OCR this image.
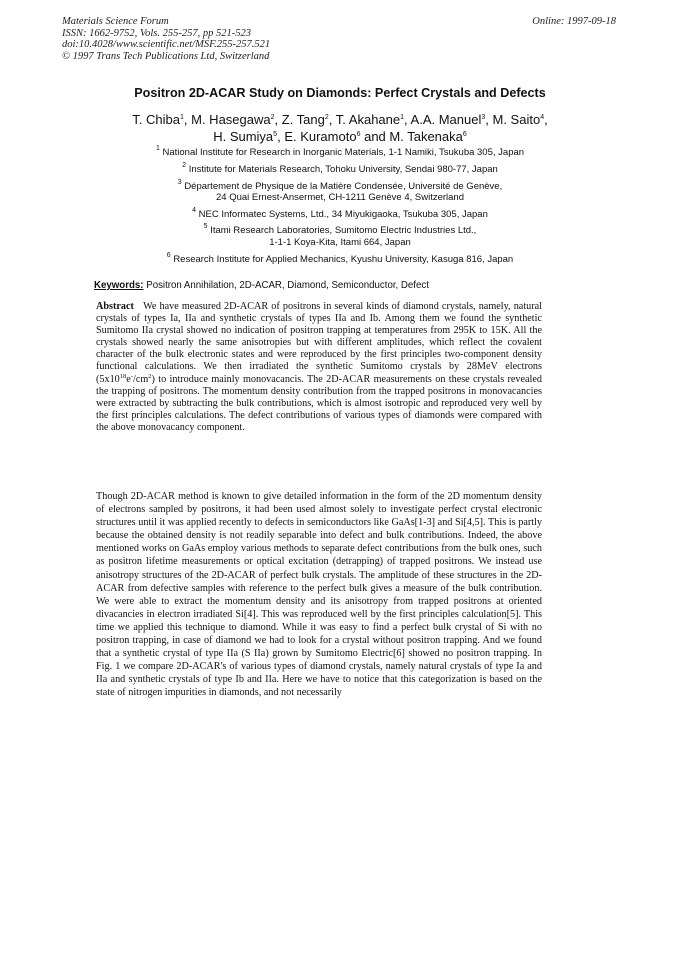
Materials Science Forum
ISSN: 1662-9752, Vols. 255-257, pp 521-523
doi:10.4028/www.scientific.net/MSF.255-257.521
© 1997 Trans Tech Publications Ltd, Switzerland
Online: 1997-09-18
Positron 2D-ACAR Study on Diamonds: Perfect Crystals and Defects
T. Chiba$^1$, M. Hasegawa$^2$, Z. Tang$^2$, T. Akahane$^1$, A.A. Manuel$^3$, M. Saito$^4$,
H. Sumiya$^5$, E. Kuramoto$^6$ and M. Takenaka$^6$
$^1$ National Institute for Research in Inorganic Materials, 1-1 Namiki, Tsukuba 305, Japan
$^2$ Institute for Materials Research, Tohoku University, Sendai 980-77, Japan
$^3$ Département de Physique de la Matière Condensée, Université de Genève,
24 Quai Ernest-Ansermet, CH-1211 Genève 4, Switzerland
$^4$ NEC Informatec Systems, Ltd., 34 Miyukigaoka, Tsukuba 305, Japan
$^5$ Itami Research Laboratories, Sumitomo Electric Industries Ltd.,
1-1-1 Koya-Kita, Itami 664, Japan
$^6$ Research Institute for Applied Mechanics, Kyushu University, Kasuga 816, Japan
Keywords: Positron Annihilation, 2D-ACAR, Diamond, Semiconductor, Defect
Abstract We have measured 2D-ACAR of positrons in several kinds of diamond crystals, namely, natural crystals of types Ia, IIa and synthetic crystals of types IIa and Ib. Among them we found the synthetic Sumitomo IIa crystal showed no indication of positron trapping at temperatures from 295K to 15K. All the crystals showed nearly the same anisotropies but with different amplitudes, which reflect the covalent character of the bulk electronic states and were reproduced by the first principles two-component density functional calculations. We then irradiated the synthetic Sumitomo crystals by 28MeV electrons $(5x10^{18}e^-/cm^2)$ to introduce mainly monovacancis. The 2D-ACAR measurements on these crystals revealed the trapping of positrons. The momentum density contribution from the trapped positrons in monovacancies were extracted by subtracting the bulk contributions, which is almost isotropic and reproduced very well by the first principles calculations. The defect contributions of various types of diamonds were compared with the above monovacancy component.
Though 2D-ACAR method is known to give detailed information in the form of the 2D momentum density of electrons sampled by positrons, it had been used almost solely to investigate perfect crystal electronic structures until it was applied recently to defects in semiconductors like GaAs[1-3] and Si[4,5]. This is partly because the obtained density is not readily separable into defect and bulk contributions. Indeed, the above mentioned works on GaAs employ various methods to separate defect contributions from the bulk ones, such as positron lifetime measurements or optical excitation (detrapping) of trapped positrons. We instead use anisotropy structures of the 2D-ACAR of perfect bulk crystals. The amplitude of these structures in the 2D-ACAR from defective samples with reference to the perfect bulk gives a measure of the bulk contribution. We were able to extract the momentum density and its anisotropy from trapped positrons at oriented divacancies in electron irradiated Si[4]. This was reproduced well by the first principles calculation[5]. This time we applied this technique to diamond. While it was easy to find a perfect bulk crystal of Si with no positron trapping, in case of diamond we had to look for a crystal without positron trapping. And we found that a synthetic crystal of type IIa (S IIa) grown by Sumitomo Electric[6] showed no positron trapping. In Fig. 1 we compare 2D-ACAR's of various types of diamond crystals, namely natural crystals of type Ia and IIa and synthetic crystals of type Ib and IIa. Here we have to notice that this categorization is based on the state of nitrogen impurities in diamonds, and not necessarily
